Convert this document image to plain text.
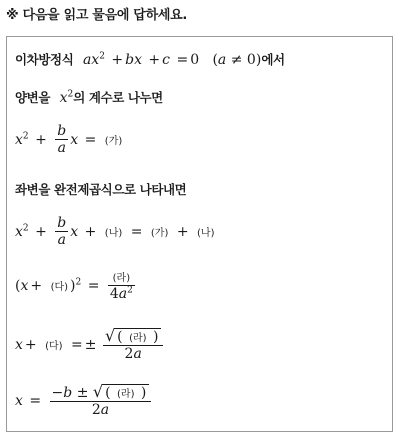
※ 다음을 읽고 물음에 답하세요.
이차방정식 $ax^2$ + bx + c = 0   (a ≠ 0)에서
양변을 $x^2$의 계수로 나누면
$x^2 + \frac{b}{a}$ x = (가)
좌변을 완전제곱식으로 나타내면
$x^2 + \frac{b}{a}$ x + (나) = (가) + (나)
(x + (다) )$^2 = \frac{\text{(라)}}{4a^2}$
x + (다) = ± $\frac{\text{√ ( (라) )}}{2a}$
$x = \frac{\text{−b ± √ ( (라) )}}{2a}$
